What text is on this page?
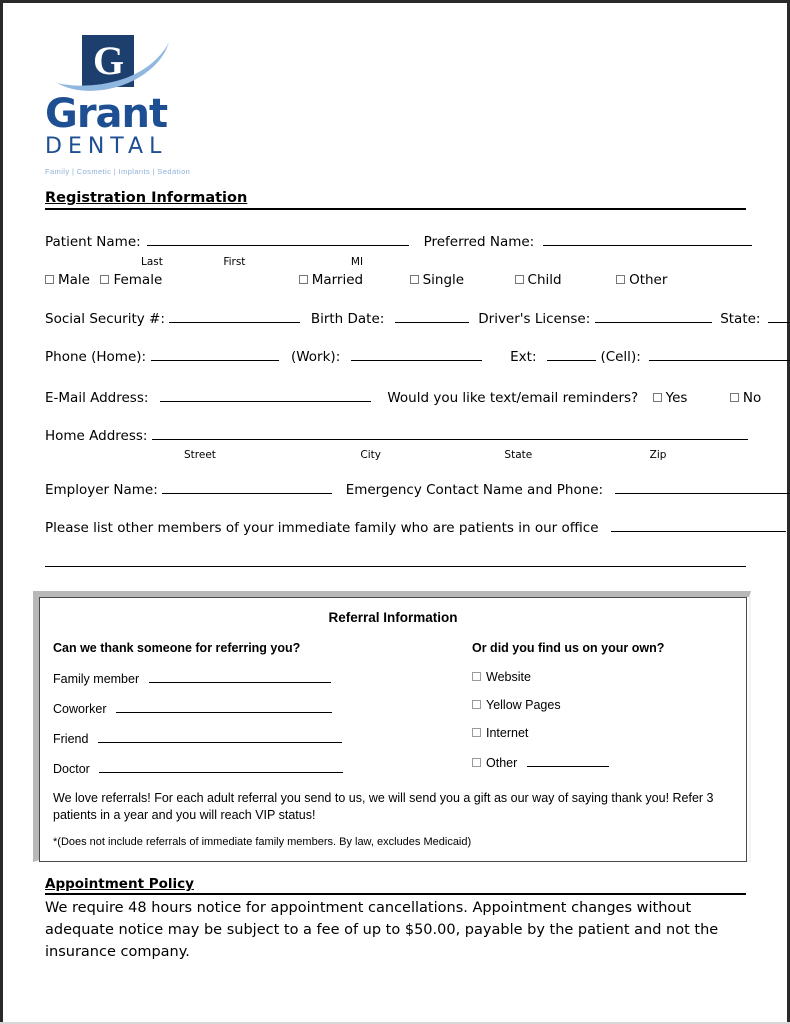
G
Grant
DENTAL
Family | Cosmetic | Implants | Sedation
Registration Information
Patient Name:	Preferred Name:
Last	First	MI
Male Female	Married	Single	Child	Other
Social Security #:	Birth Date:	Driver's License:	State:
Phone (Home):	(Work):	Ext:	(Cell):
E-Mail Address:	Would you like text/email reminders? Yes	No
Home Address:
Street	City	State	Zip
Employer Name:	Emergency Contact Name and Phone:
Please list other members of your immediate family who are patients in our office
Referral Information
Can we thank someone for referring you?
Family member
Coworker
Friend
Doctor
Or did you find us on your own?
Website
Yellow Pages
Internet
Other
We love referrals! For each adult referral you send to us, we will send you a gift as our way of saying thank you! Refer 3 patients in a year and you will reach VIP status!
*(Does not include referrals of immediate family members. By law, excludes Medicaid)
Appointment Policy
We require 48 hours notice for appointment cancellations. Appointment changes without adequate notice may be subject to a fee of up to $50.00, payable by the patient and not the insurance company.
